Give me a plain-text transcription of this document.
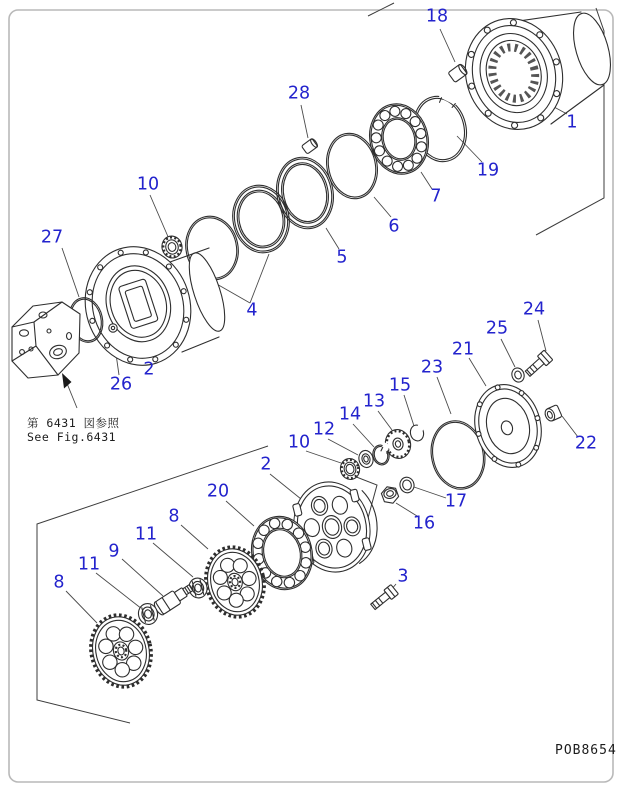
18
1
19
7
28
6
5
4
10
27
2
26
24
25
21
23
22
15
13
14
12
10
17
16
2
20
8
3
11
9
11
8
第 6431 図参照
See Fig.6431
POB8654
